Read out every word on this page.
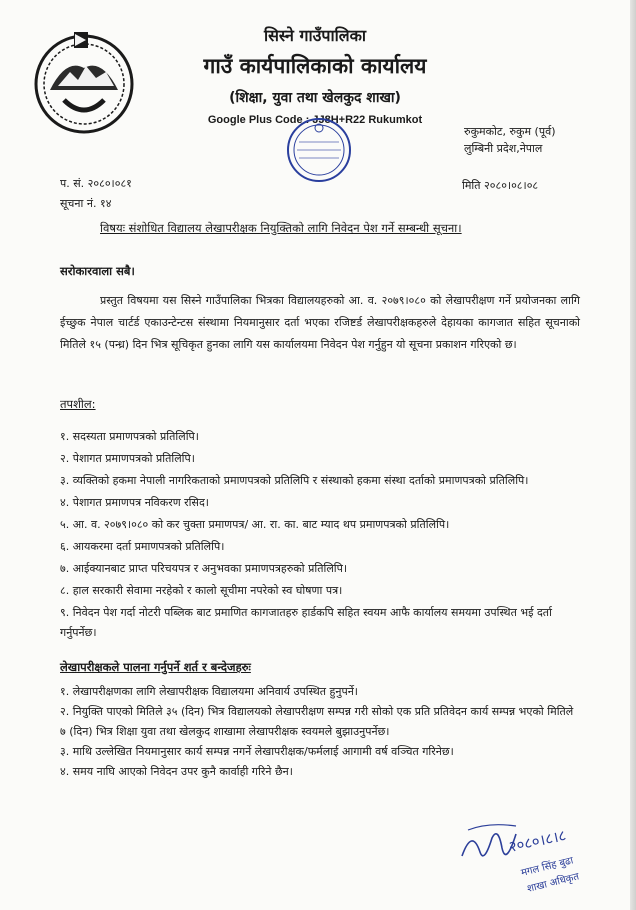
सिस्ने गाउँपालिका
गाउँ कार्यपालिकाको कार्यालय
(शिक्षा, युवा तथा खेलकुद शाखा)
Google Plus Code : JJ8H+R22 Rukumkot
रुकुमकोट, रुकुम (पूर्व)
लुम्बिनी प्रदेश,नेपाल
प. सं. २०८०।०८१
सूचना नं. १४
मिति २०८०।०८।०८
विषयः संशोधित विद्यालय लेखापरीक्षक नियुक्तिको लागि निवेदन पेश गर्ने सम्बन्धी सूचना।
सरोकारवाला सबै।
प्रस्तुत विषयमा यस सिस्ने गाउँपालिका भित्रका विद्यालयहरुको आ. व. २०७९।०८० को लेखापरीक्षण गर्ने प्रयोजनका लागि ईच्छुक नेपाल चार्टर्ड एकाउन्टेन्टस संस्थामा नियमानुसार दर्ता भएका रजिष्टर्ड लेखापरीक्षकहरुले देहायका कागजात सहित सूचनाको मितिले १५ (पन्ध्र) दिन भित्र सूचिकृत हुनका लागि यस कार्यालयमा निवेदन पेश गर्नुहुन यो सूचना प्रकाशन गरिएको छ।
तपशील:
१. सदस्यता प्रमाणपत्रको प्रतिलिपि।
२. पेशागत प्रमाणपत्रको प्रतिलिपि।
३. व्यक्तिको हकमा नेपाली नागरिकताको प्रमाणपत्रको प्रतिलिपि र संस्थाको हकमा संस्था दर्ताको प्रमाणपत्रको प्रतिलिपि।
४. पेशागत प्रमाणपत्र नविकरण रसिद।
५. आ. व. २०७९।०८० को कर चुक्ता प्रमाणपत्र/ आ. रा. का. बाट म्याद थप प्रमाणपत्रको प्रतिलिपि।
६. आयकरमा दर्ता प्रमाणपत्रको प्रतिलिपि।
७. आईक्यानबाट प्राप्त परिचयपत्र र अनुभवका प्रमाणपत्रहरुको प्रतिलिपि।
८. हाल सरकारी सेवामा नरहेको र कालो सूचीमा नपरेको स्व घोषणा पत्र।
९. निवेदन पेश गर्दा नोटरी पब्लिक बाट प्रमाणित कागजातहरु हार्डकपि सहित स्वयम आफै कार्यालय समयमा उपस्थित भई दर्ता गर्नुपर्नेछ।
लेखापरीक्षकले पालना गर्नुपर्ने शर्त र बन्देजहरुः
१. लेखापरीक्षणका लागि लेखापरीक्षक विद्यालयमा अनिवार्य उपस्थित हुनुपर्ने।
२. नियुक्ति पाएको मितिले ३५ (दिन) भित्र विद्यालयको लेखापरीक्षण सम्पन्न गरी सोको एक प्रति प्रतिवेदन कार्य सम्पन्न भएको मितिले ७ (दिन) भित्र शिक्षा युवा तथा खेलकुद शाखामा लेखापरीक्षक स्वयमले बुझाउनुपर्नेछ।
३. माथि उल्लेखित नियमानुसार कार्य सम्पन्न नगर्ने लेखापरीक्षक/फर्मलाई आगामी वर्ष वञ्चित गरिनेछ।
४. समय नाघि आएको निवेदन उपर कुनै कार्वाही गरिने छैन।
२०८०।८।८
मगल सिंह बुढा
शाखा अधिकृत
